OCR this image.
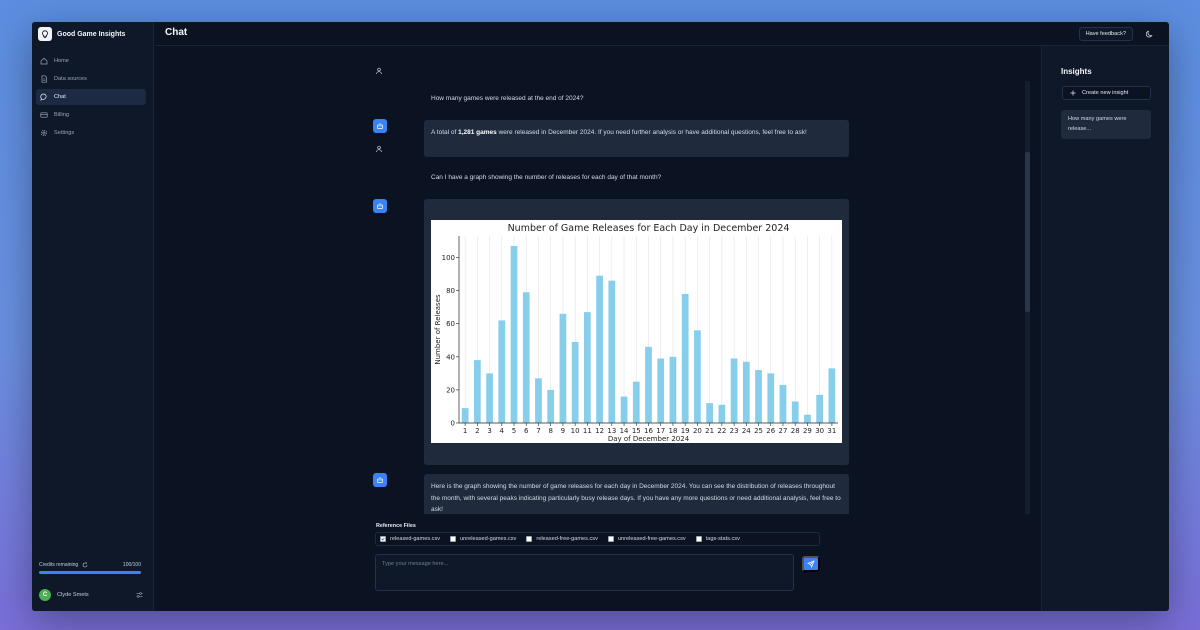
Good Game Insights
Home
Data sources
Chat
Billing
Settings
Credits remaining	100/100
C	Clyde Smets
Chat	Have feedback?
How many games were released at the end of 2024?
A total of 1,281 games were released in December 2024. If you need further analysis or have additional questions, feel free to ask!
Can I have a graph showing the number of releases for each day of that month?
0
20
40
60
80
100
1 2 3 4 5 6 7 8 9 10 11 12 13 14 15 16 17 18 19 20 21 22 23 24 25 26 27 28 29 30 31
Number of Game Releases for Each Day in December 2024
Day of December 2024
Number of Releases
Here is the graph showing the number of game releases for each day in December 2024. You can see the distribution of releases throughout the month, with several peaks indicating particularly busy release days. If you have any more questions or need additional analysis, feel free to ask!
Reference Files
released-games.csv	unreleased-games.csv	released-free-games.csv	unreleased-free-games.csv	tags-stats.csv
Type your message here...
Insights
Create new insight
How many games were release...
